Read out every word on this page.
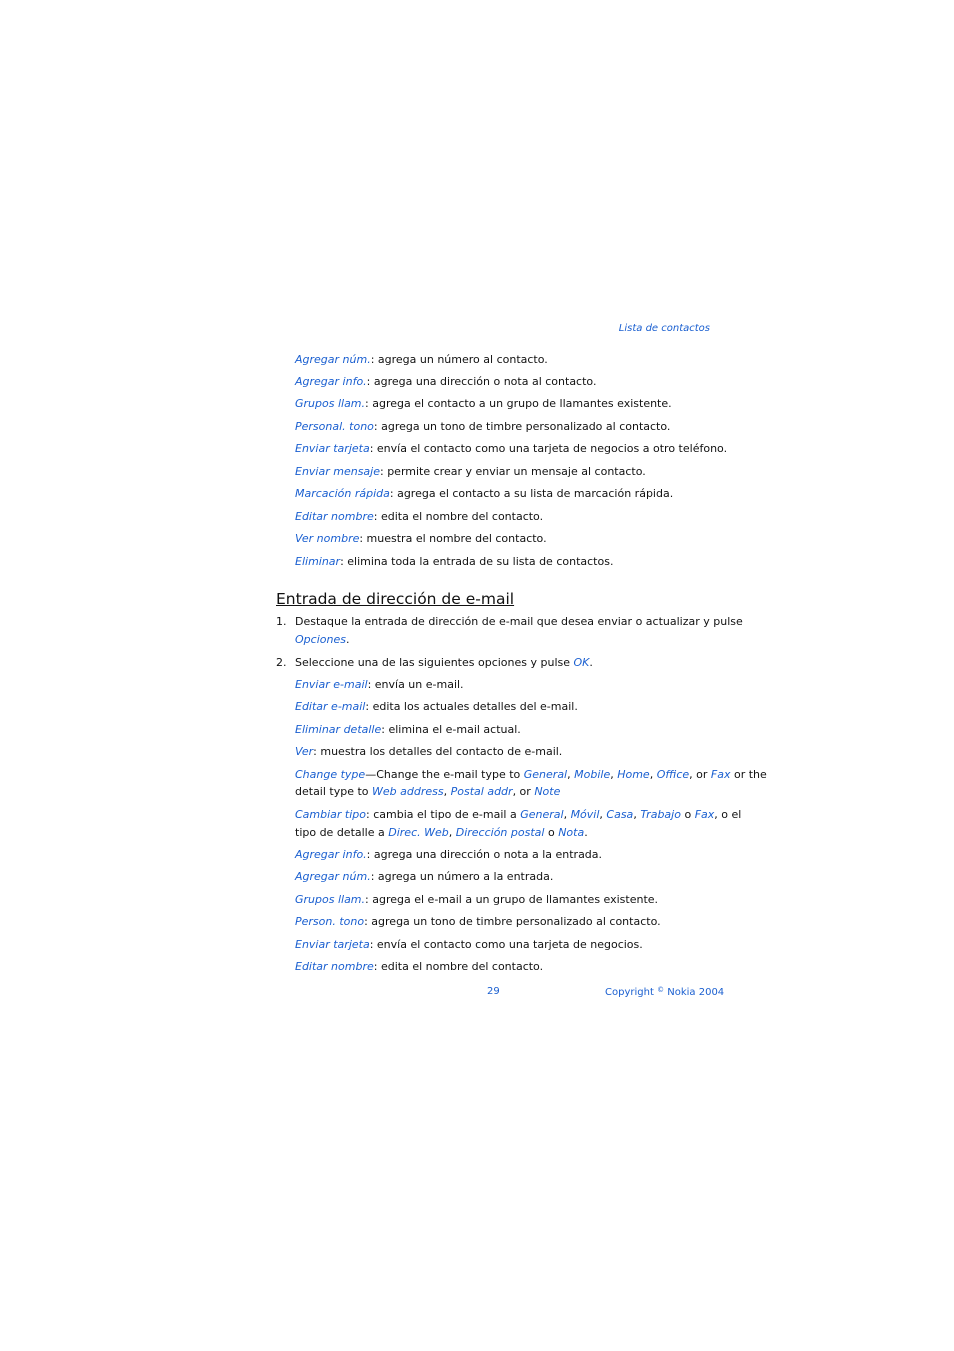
Lista de contactos
Agregar núm.: agrega un número al contacto.
Agregar info.: agrega una dirección o nota al contacto.
Grupos llam.: agrega el contacto a un grupo de llamantes existente.
Personal. tono: agrega un tono de timbre personalizado al contacto.
Enviar tarjeta: envía el contacto como una tarjeta de negocios a otro teléfono.
Enviar mensaje: permite crear y enviar un mensaje al contacto.
Marcación rápida: agrega el contacto a su lista de marcación rápida.
Editar nombre: edita el nombre del contacto.
Ver nombre: muestra el nombre del contacto.
Eliminar: elimina toda la entrada de su lista de contactos.
Entrada de dirección de e-mail
1. Destaque la entrada de dirección de e-mail que desea enviar o actualizar y pulse
Opciones.
2. Seleccione una de las siguientes opciones y pulse OK.
Enviar e-mail: envía un e-mail.
Editar e-mail: edita los actuales detalles del e-mail.
Eliminar detalle: elimina el e-mail actual.
Ver: muestra los detalles del contacto de e-mail.
Change type—Change the e-mail type to General, Mobile, Home, Office, or Fax or the
detail type to Web address, Postal addr, or Note
Cambiar tipo: cambia el tipo de e-mail a General, Móvil, Casa, Trabajo o Fax, o el
tipo de detalle a Direc. Web, Dirección postal o Nota.
Agregar info.: agrega una dirección o nota a la entrada.
Agregar núm.: agrega un número a la entrada.
Grupos llam.: agrega el e-mail a un grupo de llamantes existente.
Person. tono: agrega un tono de timbre personalizado al contacto.
Enviar tarjeta: envía el contacto como una tarjeta de negocios.
Editar nombre: edita el nombre del contacto.
29	Copyright © Nokia 2004
